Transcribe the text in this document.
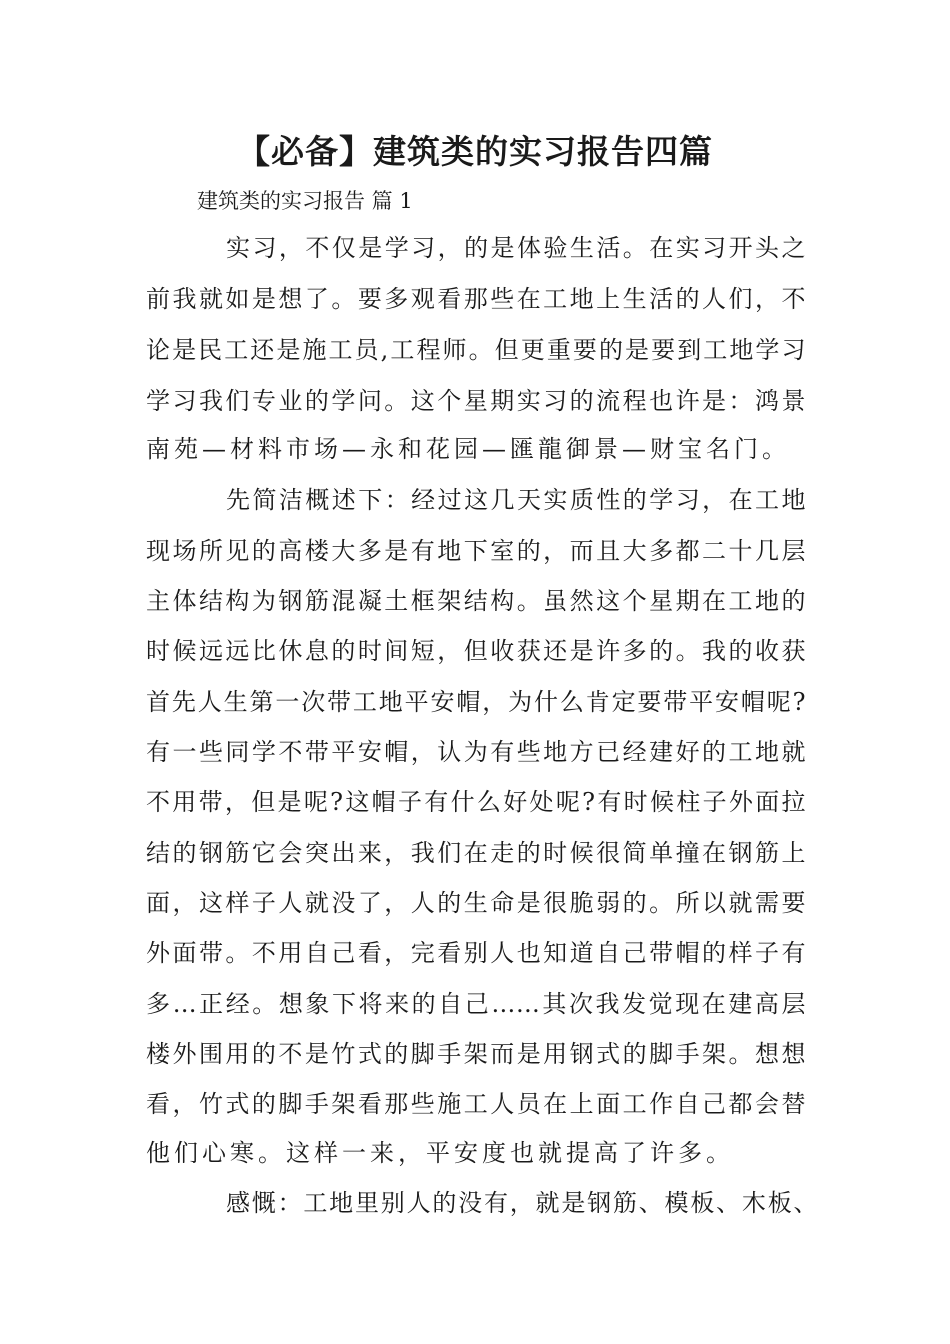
【必备】建筑类的实习报告四篇
建筑类的实习报告 篇 1
实习，不仅是学习，的是体验生活。在实习开头之
前我就如是想了。要多观看那些在工地上生活的人们，不
论是民工还是施工员,工程师。但更重要的是要到工地学习
学习我们专业的学问。这个星期实习的流程也许是：鸿景
南苑—材料市场—永和花园—匯龍御景—财宝名门。
先简洁概述下：经过这几天实质性的学习，在工地
现场所见的高楼大多是有地下室的，而且大多都二十几层
主体结构为钢筋混凝土框架结构。虽然这个星期在工地的
时候远远比休息的时间短，但收获还是许多的。我的收获
首先人生第一次带工地平安帽，为什么肯定要带平安帽呢?
有一些同学不带平安帽，认为有些地方已经建好的工地就
不用带，但是呢?这帽子有什么好处呢?有时候柱子外面拉
结的钢筋它会突出来，我们在走的时候很简单撞在钢筋上
面，这样子人就没了，人的生命是很脆弱的。所以就需要
外面带。不用自己看，完看别人也知道自己带帽的样子有
多…正经。想象下将来的自己……其次我发觉现在建高层
楼外围用的不是竹式的脚手架而是用钢式的脚手架。想想
看，竹式的脚手架看那些施工人员在上面工作自己都会替
他们心寒。这样一来，平安度也就提高了许多。
感慨：工地里别人的没有，就是钢筋、模板、木板、
